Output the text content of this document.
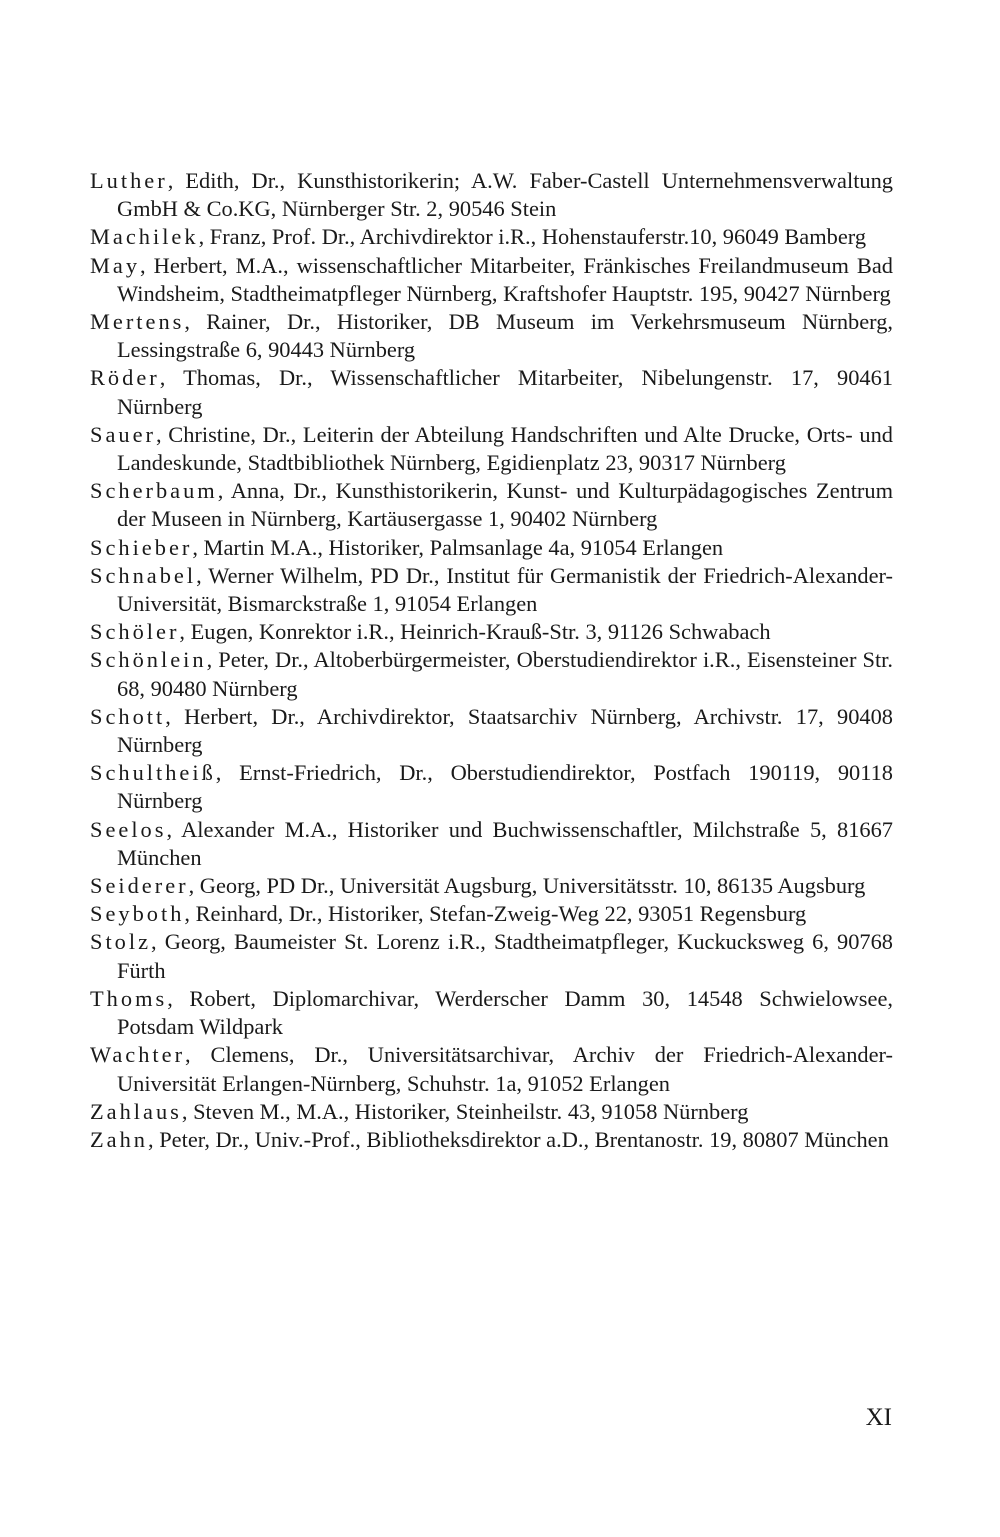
Luther, Edith, Dr., Kunsthistorikerin; A.W. Faber-Castell Unternehmensverwaltung GmbH & Co.KG, Nürnberger Str. 2, 90546 Stein

Machilek, Franz, Prof. Dr., Archivdirektor i.R., Hohenstauferstr.10, 96049 Bamberg

May, Herbert, M.A., wissenschaftlicher Mitarbeiter, Fränkisches Freilandmuseum Bad Windsheim, Stadtheimatpfleger Nürnberg, Kraftshofer Hauptstr. 195, 90427 Nürnberg

Mertens, Rainer, Dr., Historiker, DB Museum im Verkehrsmuseum Nürnberg, Lessingstraße 6, 90443 Nürnberg

Röder, Thomas, Dr., Wissenschaftlicher Mitarbeiter, Nibelungenstr. 17, 90461 Nürnberg

Sauer, Christine, Dr., Leiterin der Abteilung Handschriften und Alte Drucke, Orts- und Landeskunde, Stadtbibliothek Nürnberg, Egidienplatz 23, 90317 Nürnberg

Scherbaum, Anna, Dr., Kunsthistorikerin, Kunst- und Kulturpädagogisches Zentrum der Museen in Nürnberg, Kartäusergasse 1, 90402 Nürnberg

Schieber, Martin M.A., Historiker, Palmsanlage 4a, 91054 Erlangen

Schnabel, Werner Wilhelm, PD Dr., Institut für Germanistik der Friedrich-Alexander-Universität, Bismarckstraße 1, 91054 Erlangen

Schöler, Eugen, Konrektor i.R., Heinrich-Krauß-Str. 3, 91126 Schwabach

Schönlein, Peter, Dr., Altoberbürgermeister, Oberstudiendirektor i.R., Eisensteiner Str. 68, 90480 Nürnberg

Schott, Herbert, Dr., Archivdirektor, Staatsarchiv Nürnberg, Archivstr. 17, 90408 Nürnberg

Schultheiß, Ernst-Friedrich, Dr., Oberstudiendirektor, Postfach 190119, 90118 Nürnberg

Seelos, Alexander M.A., Historiker und Buchwissenschaftler, Milchstraße 5, 81667 München

Seiderer, Georg, PD Dr., Universität Augsburg, Universitätsstr. 10, 86135 Augsburg

Seyboth, Reinhard, Dr., Historiker, Stefan-Zweig-Weg 22, 93051 Regensburg

Stolz, Georg, Baumeister St. Lorenz i.R., Stadtheimatpfleger, Kuckucksweg 6, 90768 Fürth

Thoms, Robert, Diplomarchivar, Werderscher Damm 30, 14548 Schwielowsee, Potsdam Wildpark

Wachter, Clemens, Dr., Universitätsarchivar, Archiv der Friedrich-Alexander-Universität Erlangen-Nürnberg, Schuhstr. 1a, 91052 Erlangen

Zahlaus, Steven M., M.A., Historiker, Steinheilstr. 43, 91058 Nürnberg

Zahn, Peter, Dr., Univ.-Prof., Bibliotheksdirektor a.D., Brentanostr. 19, 80807 München

XI
